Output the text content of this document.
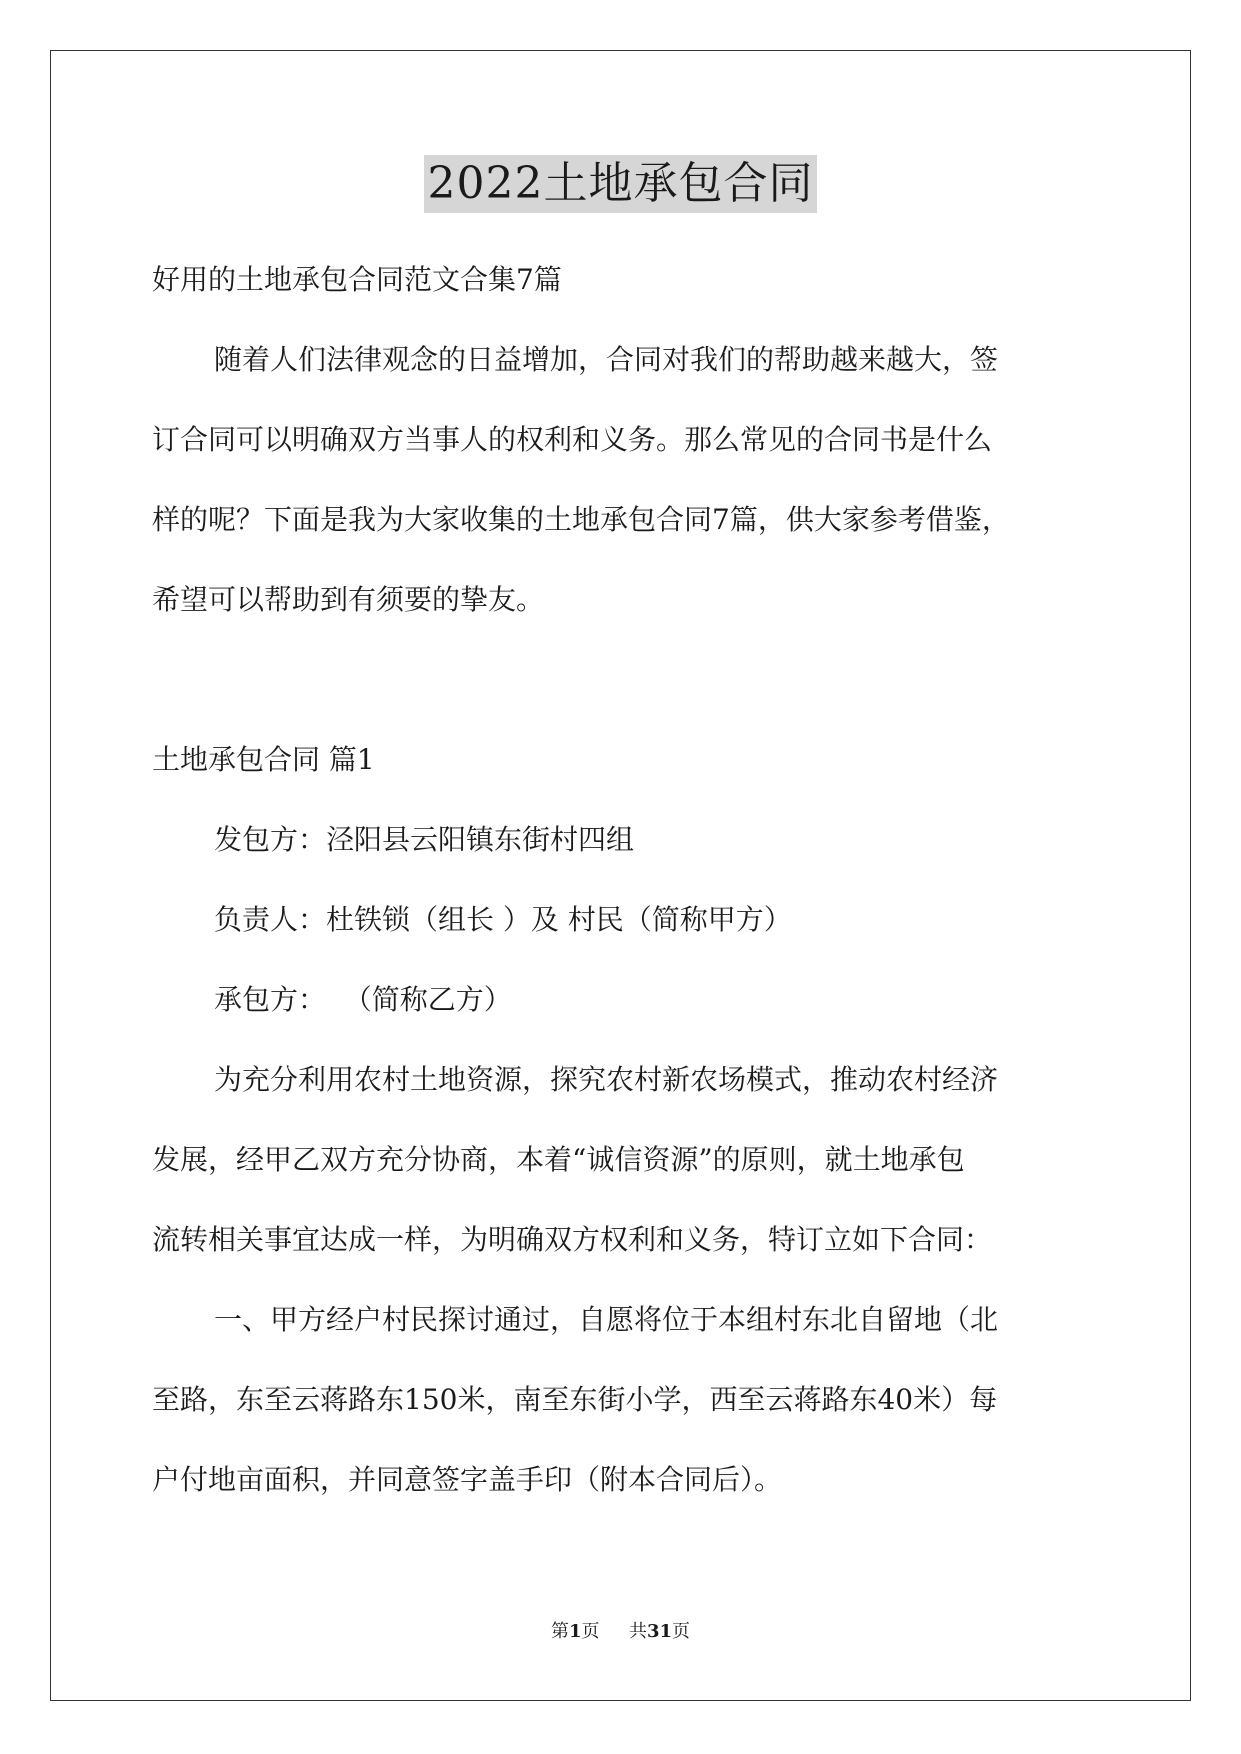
2022土地承包合同
好用的土地承包合同范文合集7篇
随着人们法律观念的日益增加，合同对我们的帮助越来越大，签
订合同可以明确双方当事人的权利和义务。那么常见的合同书是什么
样的呢？下面是我为大家收集的土地承包合同7篇，供大家参考借鉴，
希望可以帮助到有须要的挚友。
土地承包合同 篇1
发包方：泾阳县云阳镇东街村四组
负责人：杜铁锁（组长 ）及 村民（简称甲方）
承包方：  （简称乙方）
为充分利用农村土地资源，探究农村新农场模式，推动农村经济
发展，经甲乙双方充分协商，本着“诚信资源”的原则，就土地承包
流转相关事宜达成一样，为明确双方权利和义务，特订立如下合同：
一、甲方经户村民探讨通过，自愿将位于本组村东北自留地（北
至路，东至云蒋路东150米，南至东街小学，西至云蒋路东40米）每
户付地亩面积，并同意签字盖手印（附本合同后）。
第1页 共31页
